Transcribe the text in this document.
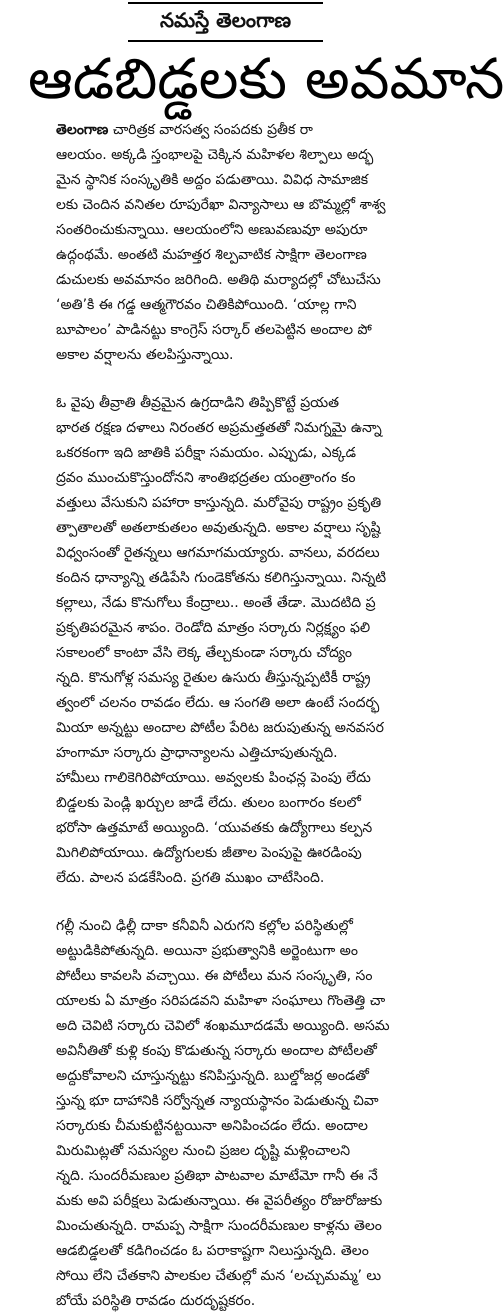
నమస్తే తెలంగాణ
ఆడబిడ్డలకు అవమాన
తెలంగాణ చారిత్రక వారసత్వ సంపదకు ప్రతీక రా
ఆలయం. అక్కడి స్తంభాలపై చెక్కిన మహిళల శిల్పాలు అద్భ
మైన స్థానిక సంస్కృతికి అద్దం పడుతాయి. వివిధ సామాజిక
లకు చెందిన వనితల రూపురేఖా విన్యాసాలు ఆ బొమ్మల్లో శాశ్వ
సంతరించుకున్నాయి. ఆలయంలోని అణువణువూ అపురూ
ఉద్గంథమే. అంతటి మహత్తర శిల్పవాటిక సాక్షిగా తెలంగాణ
డుచులకు అవమానం జరిగింది. అతిథి మర్యాదల్లో చోటుచేసు
‘అతి’కి ఈ గడ్డ ఆత్మగౌరవం చితికిపోయింది. ‘యాల్ల గాని
బూపాలం’ పాడినట్టు కాంగ్రెస్ సర్కార్ తలపెట్టిన అందాల పో
అకాల వర్షాలను తలపిస్తున్నాయి.
ఓ వైపు తీవ్రాతి తీవ్రమైన ఉగ్రదాడిని తిప్పికొట్టే ప్రయత
భారత రక్షణ దళాలు నిరంతర అప్రమత్తతతో నిమగ్నమై ఉన్నా
ఒకరకంగా ఇది జాతికి పరీక్షా సమయం. ఎప్పుడు, ఎక్కడ
ద్రవం ముంచుకొస్తుందోనని శాంతిభద్రతల యంత్రాంగం కం
వత్తులు వేసుకుని పహారా కాస్తున్నది. మరోవైపు రాష్ట్రం ప్రకృతి
త్పాతాలతో అతలాకుతలం అవుతున్నది. అకాల వర్షాలు సృష్టి
విధ్వంసంతో రైతన్నలు ఆగమాగమయ్యారు. వానలు, వరదలు
కందిన ధాన్యాన్ని తడిపేసి గుండెకోతను కలిగిస్తున్నాయి. నిన్నటి
కల్లాలు, నేడు కొనుగోలు కేంద్రాలు.. అంతే తేడా. మొదటిది ప్ర
ప్రకృతిపరమైన శాపం. రెండోది మాత్రం సర్కారు నిర్లక్ష్యం ఫలి
సకాలంలో కాంటా వేసి లెక్క తేల్చకుండా సర్కారు చోద్యం
న్నది. కొనుగోళ్ల సమస్య రైతుల ఉసురు తీస్తున్నప్పటికీ రాష్ట్ర
త్వంలో చలనం రావడం లేదు. ఆ సంగతి అలా ఉంటే సందర్భ
మియా అన్నట్టు అందాల పోటీల పేరిట జరుపుతున్న అనవసర
హంగామా సర్కారు ప్రాధాన్యాలను ఎత్తిచూపుతున్నది.
హామీలు గాలికెగిరిపోయాయి. అవ్వలకు పింఛన్ల పెంపు లేదు
బిడ్డలకు పెండ్లి ఖర్చుల జాడే లేదు. తులం బంగారం కలలో
భరోసా ఉత్తమాటే అయ్యింది. ‘యువతకు ఉద్యోగాలు కల్పన
మిగిలిపోయాయి. ఉద్యోగులకు జీతాల పెంపుపై ఊరడింపు
లేదు. పాలన పడకేసింది. ప్రగతి ముఖం చాటేసింది.
గల్లీ నుంచి ఢిల్లీ దాకా కనీవినీ ఎరుగని కల్లోల పరిస్థితుల్లో
అట్టుడికిపోతున్నది. అయినా ప్రభుత్వానికి అర్జెంటుగా అం
పోటీలు కావలసి వచ్చాయి. ఈ పోటీలు మన సంస్కృతి, సం
యాలకు ఏ మాత్రం సరిపడవని మహిళా సంఘాలు గొంతెత్తి చా
అది చెవిటి సర్కారు చెవిలో శంఖమూదడమే అయ్యింది. అసమ
అవినీతితో కుళ్లి కంపు కొడుతున్న సర్కారు అందాల పోటీలతో
అద్దుకోవాలని చూస్తున్నట్టు కనిపిస్తున్నది. బుల్డోజర్ల అండతో
స్తున్న భూ దాహానికి సర్వోన్నత న్యాయస్థానం పెడుతున్న చివా
సర్కారుకు చీమకుట్టినట్టయినా అనిపించడం లేదు. అందాల
మిరుమిట్లతో సమస్యల నుంచి ప్రజల దృష్టి మళ్లించాలని
న్నది. సుందరీమణుల ప్రతిభా పాటవాల మాటేమో గానీ ఈ నే
మకు అవి పరీక్షలు పెడుతున్నాయి. ఈ వైపరీత్యం రోజురోజుకు
మించుతున్నది. రామప్ప సాక్షిగా సుందరీమణుల కాళ్లను తెలం
ఆడబిడ్డలతో కడిగించడం ఓ పరాకాష్టగా నిలుస్తున్నది. తెలం
సోయి లేని చేతకాని పాలకుల చేతుల్లో మన ‘లచ్చుమమ్మ’ లు
బోయే పరిస్థితి రావడం దురదృష్టకరం.
